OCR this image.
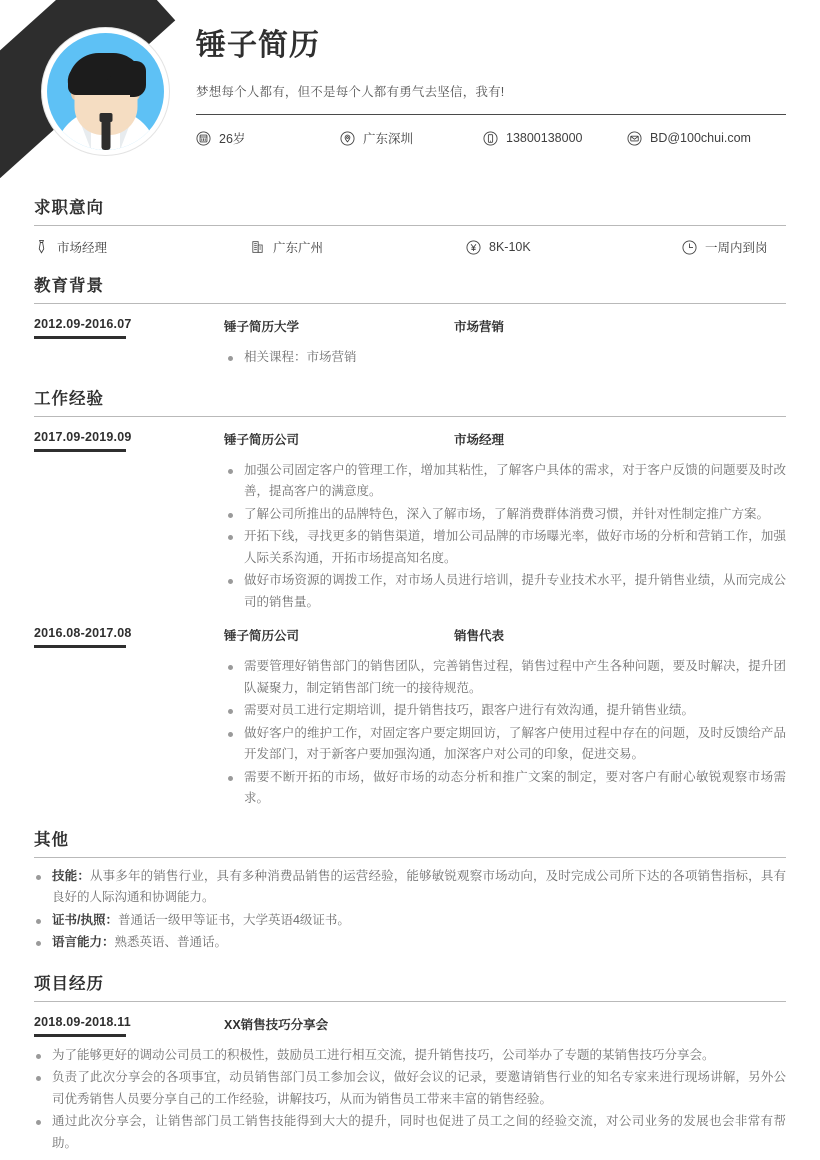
锤子简历
梦想每个人都有，但不是每个人都有勇气去坚信，我有!
26岁	广东深圳	13800138000	BD@100chui.com
求职意向
市场经理	广东广州	8K-10K	一周内到岗
教育背景
2012.09-2016.07	锤子简历大学	市场营销
相关课程：市场营销
工作经验
2017.09-2019.09	锤子简历公司	市场经理
加强公司固定客户的管理工作，增加其粘性，了解客户具体的需求，对于客户反馈的问题要及时改善，提高客户的满意度。
了解公司所推出的品牌特色，深入了解市场，了解消费群体消费习惯，并针对性制定推广方案。
开拓下线，寻找更多的销售渠道，增加公司品牌的市场曝光率，做好市场的分析和营销工作，加强人际关系沟通，开拓市场提高知名度。
做好市场资源的调拨工作，对市场人员进行培训，提升专业技术水平，提升销售业绩，从而完成公司的销售量。
2016.08-2017.08	锤子简历公司	销售代表
需要管理好销售部门的销售团队，完善销售过程，销售过程中产生各种问题，要及时解决，提升团队凝聚力，制定销售部门统一的接待规范。
需要对员工进行定期培训，提升销售技巧，跟客户进行有效沟通，提升销售业绩。
做好客户的维护工作，对固定客户要定期回访，了解客户使用过程中存在的问题，及时反馈给产品开发部门，对于新客户要加强沟通，加深客户对公司的印象，促进交易。
需要不断开拓的市场，做好市场的动态分析和推广文案的制定，要对客户有耐心敏锐观察市场需求。
其他
技能：从事多年的销售行业，具有多种消费品销售的运营经验，能够敏锐观察市场动向，及时完成公司所下达的各项销售指标，具有良好的人际沟通和协调能力。
证书/执照：普通话一级甲等证书，大学英语4级证书。
语言能力：熟悉英语、普通话。
项目经历
2018.09-2018.11	XX销售技巧分享会
为了能够更好的调动公司员工的积极性，鼓励员工进行相互交流，提升销售技巧，公司举办了专题的某销售技巧分享会。
负责了此次分享会的各项事宜，动员销售部门员工参加会议，做好会议的记录，要邀请销售行业的知名专家来进行现场讲解，另外公司优秀销售人员要分享自己的工作经验，讲解技巧，从而为销售员工带来丰富的销售经验。
通过此次分享会，让销售部门员工销售技能得到大大的提升，同时也促进了员工之间的经验交流，对公司业务的发展也会非常有帮助。
